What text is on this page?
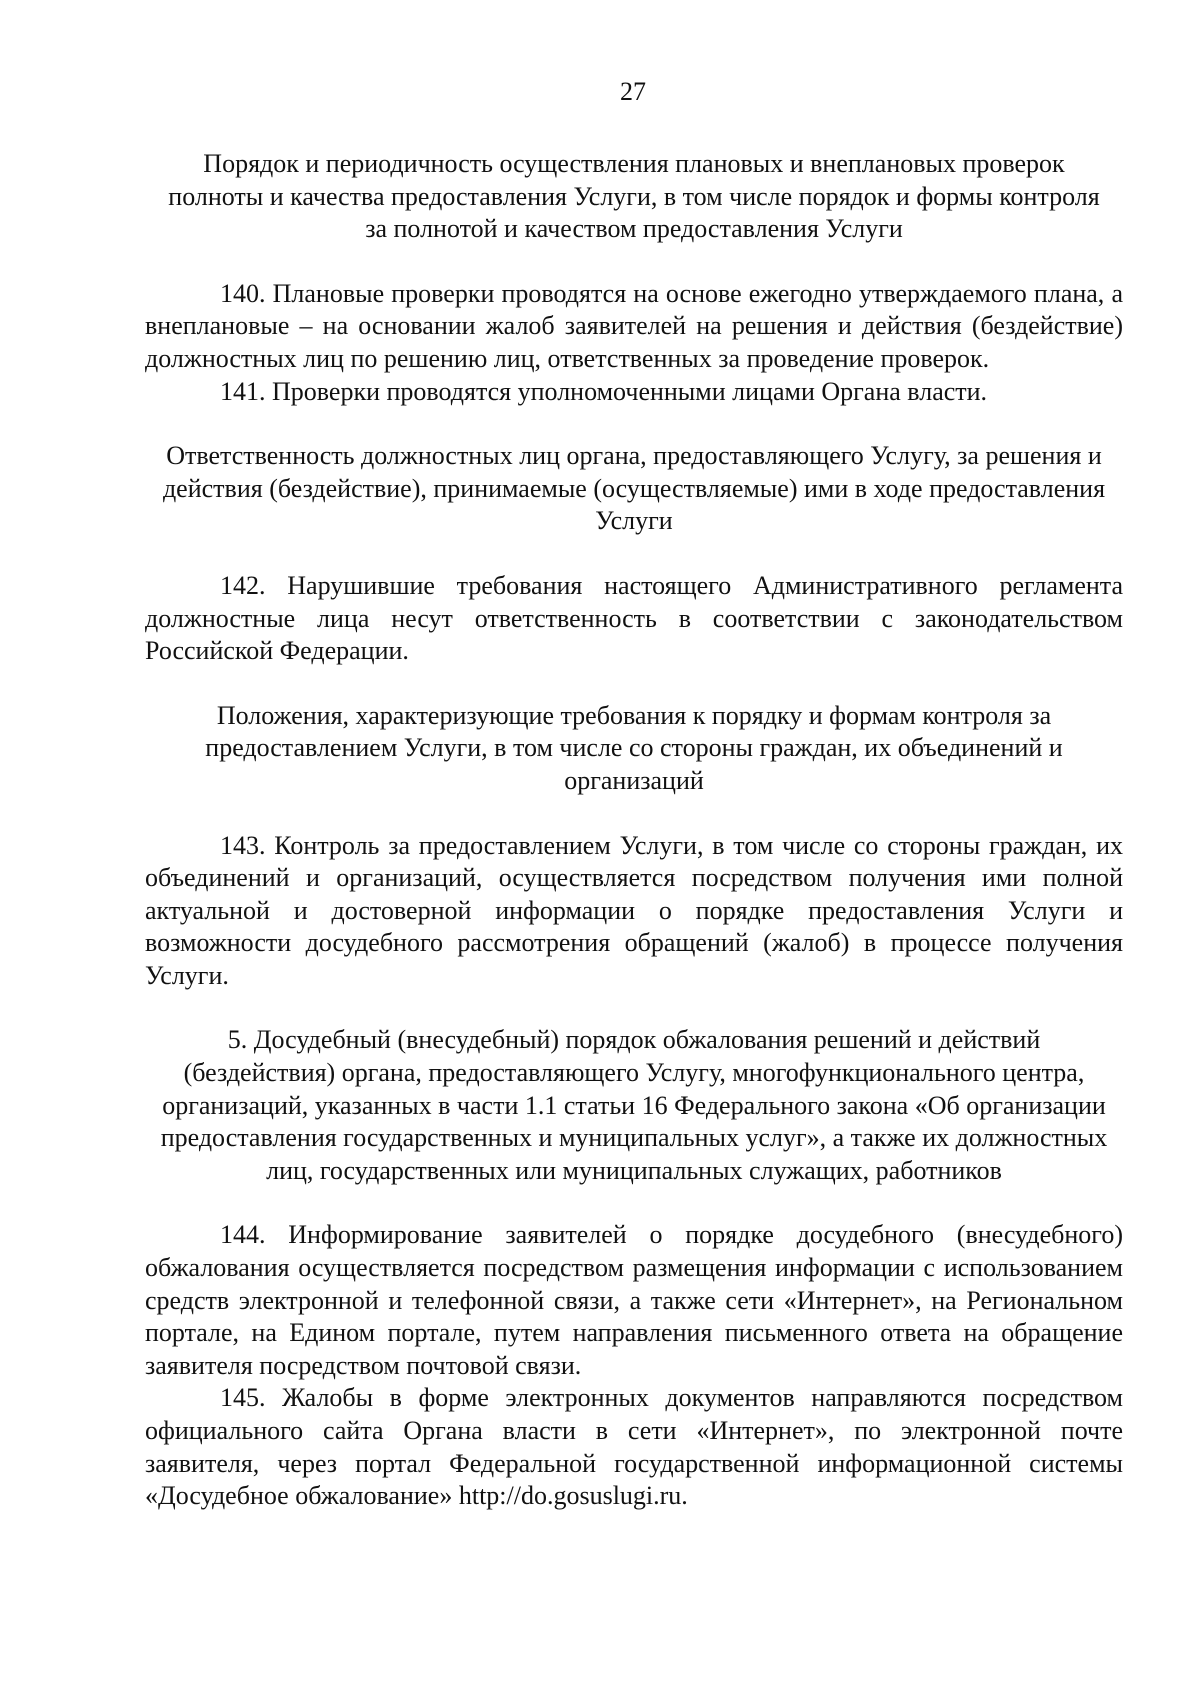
27

Порядок и периодичность осуществления плановых и внеплановых проверок полноты и качества предоставления Услуги, в том числе порядок и формы контроля за полнотой и качеством предоставления Услуги

140. Плановые проверки проводятся на основе ежегодно утверждаемого плана, а внеплановые – на основании жалоб заявителей на решения и действия (бездействие) должностных лиц по решению лиц, ответственных за проведение проверок.

141. Проверки проводятся уполномоченными лицами Органа власти.

Ответственность должностных лиц органа, предоставляющего Услугу, за решения и действия (бездействие), принимаемые (осуществляемые) ими в ходе предоставления Услуги

142. Нарушившие требования настоящего Административного регламента должностные лица несут ответственность в соответствии с законодательством Российской Федерации.

Положения, характеризующие требования к порядку и формам контроля за предоставлением Услуги, в том числе со стороны граждан, их объединений и организаций

143. Контроль за предоставлением Услуги, в том числе со стороны граждан, их объединений и организаций, осуществляется посредством получения ими полной актуальной и достоверной информации о порядке предоставления Услуги и возможности досудебного рассмотрения обращений (жалоб) в процессе получения Услуги.

5. Досудебный (внесудебный) порядок обжалования решений и действий (бездействия) органа, предоставляющего Услугу, многофункционального центра, организаций, указанных в части 1.1 статьи 16 Федерального закона «Об организации предоставления государственных и муниципальных услуг», а также их должностных лиц, государственных или муниципальных служащих, работников

144. Информирование заявителей о порядке досудебного (внесудебного) обжалования осуществляется посредством размещения информации с использованием средств электронной и телефонной связи, а также сети «Интернет», на Региональном портале, на Едином портале, путем направления письменного ответа на обращение заявителя посредством почтовой связи.

145. Жалобы в форме электронных документов направляются посредством официального сайта Органа власти в сети «Интернет», по электронной почте заявителя, через портал Федеральной государственной информационной системы «Досудебное обжалование» http://do.gosuslugi.ru.
